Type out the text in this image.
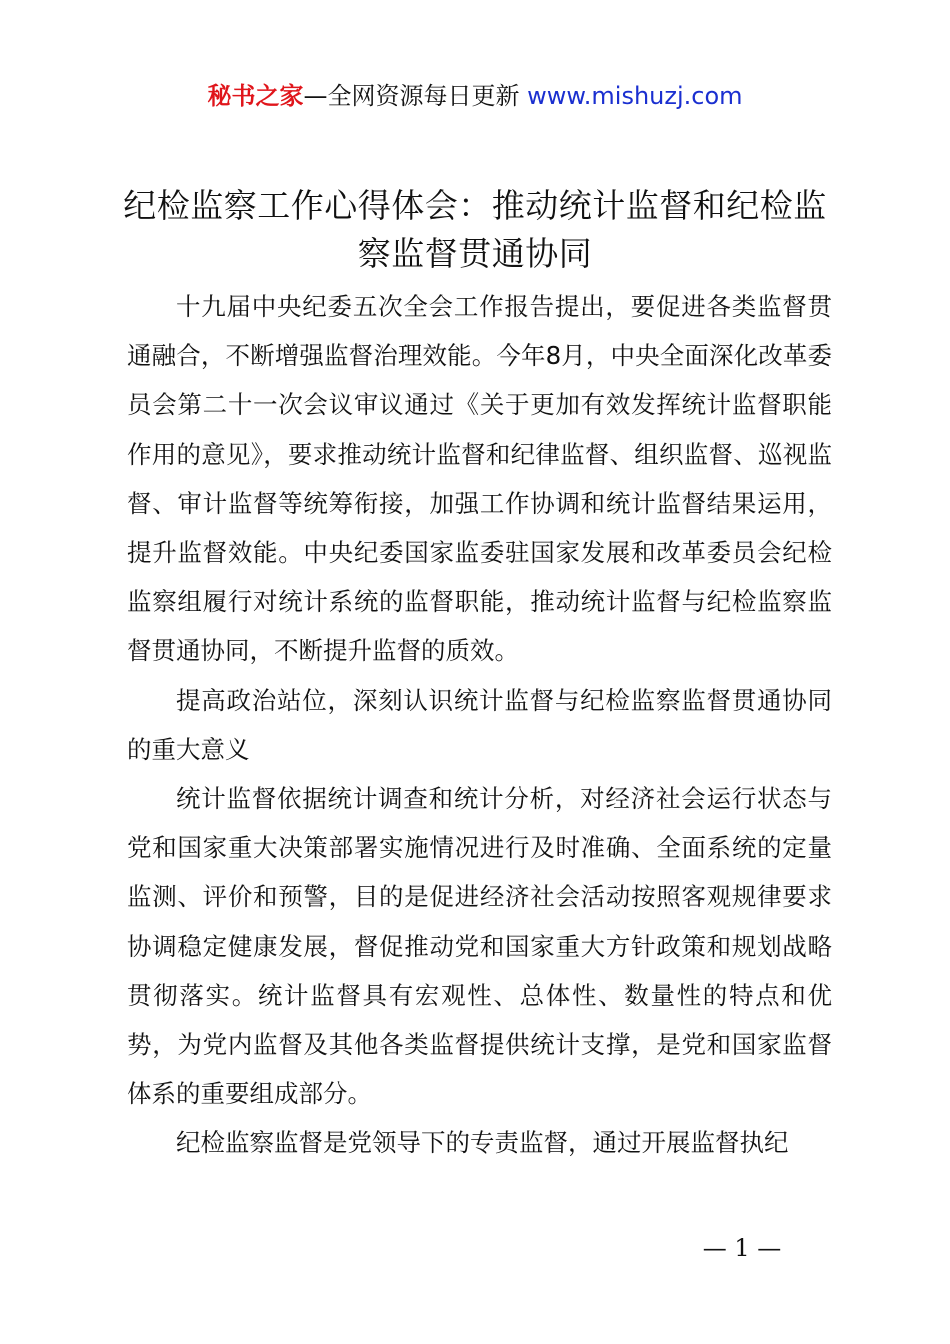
秘书之家—全网资源每日更新 www.mishuzj.com
纪检监察工作心得体会：推动统计监督和纪检监察监督贯通协同

十九届中央纪委五次全会工作报告提出，要促进各类监督贯通融合，不断增强监督治理效能。今年8月，中央全面深化改革委员会第二十一次会议审议通过《关于更加有效发挥统计监督职能作用的意见》，要求推动统计监督和纪律监督、组织监督、巡视监督、审计监督等统筹衔接，加强工作协调和统计监督结果运用，提升监督效能。中央纪委国家监委驻国家发展和改革委员会纪检监察组履行对统计系统的监督职能，推动统计监督与纪检监察监督贯通协同，不断提升监督的质效。

提高政治站位，深刻认识统计监督与纪检监察监督贯通协同的重大意义

统计监督依据统计调查和统计分析，对经济社会运行状态与党和国家重大决策部署实施情况进行及时准确、全面系统的定量监测、评价和预警，目的是促进经济社会活动按照客观规律要求协调稳定健康发展，督促推动党和国家重大方针政策和规划战略贯彻落实。统计监督具有宏观性、总体性、数量性的特点和优势，为党内监督及其他各类监督提供统计支撑，是党和国家监督体系的重要组成部分。

纪检监察监督是党领导下的专责监督，通过开展监督执纪

— 1 —
